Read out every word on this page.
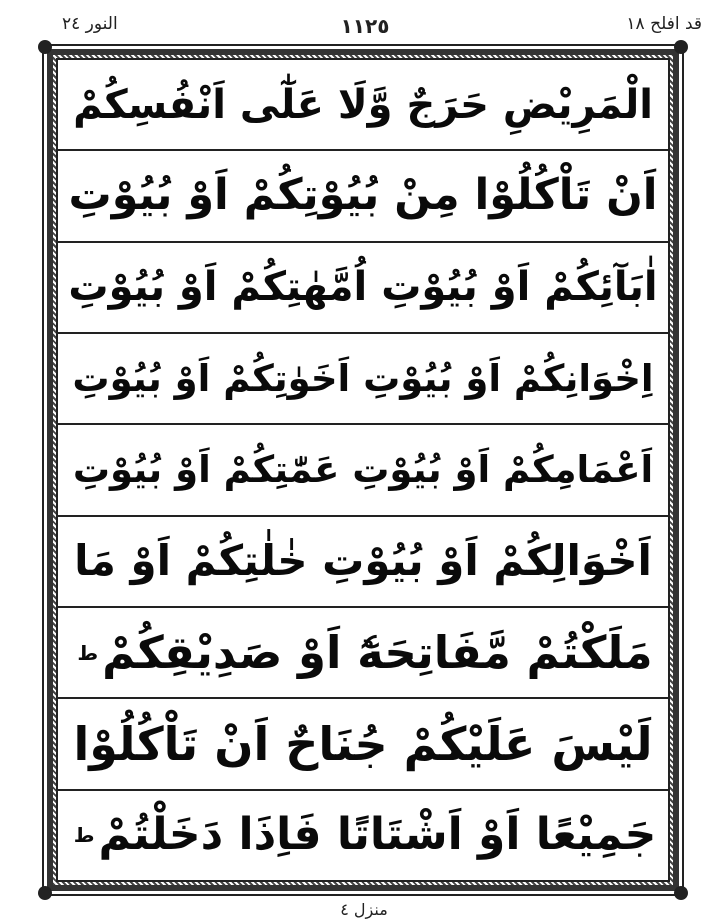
النور ٢٤	١١٢٥	قد افلح ١٨
الْمَرِيْضِ حَرَجٌ وَّلَا عَلٰٓى اَنْفُسِكُمْ
اَنْ تَاْكُلُوْا مِنْ بُيُوْتِكُمْ اَوْ بُيُوْتِ
اٰبَآئِكُمْ اَوْ بُيُوْتِ اُمَّهٰتِكُمْ اَوْ بُيُوْتِ
اِخْوَانِكُمْ اَوْ بُيُوْتِ اَخَوٰتِكُمْ اَوْ بُيُوْتِ
اَعْمَامِكُمْ اَوْ بُيُوْتِ عَمّٰتِكُمْ اَوْ بُيُوْتِ
اَخْوَالِكُمْ اَوْ بُيُوْتِ خٰلٰتِكُمْ اَوْ مَا
مَلَكْتُمْ مَّفَاتِحَهٗٓ اَوْ صَدِيْقِكُمْ
ط
لَيْسَ عَلَيْكُمْ جُنَاحٌ اَنْ تَاْكُلُوْا
جَمِيْعًا اَوْ اَشْتَاتًا فَاِذَا دَخَلْتُمْ
ط
منزل ٤
